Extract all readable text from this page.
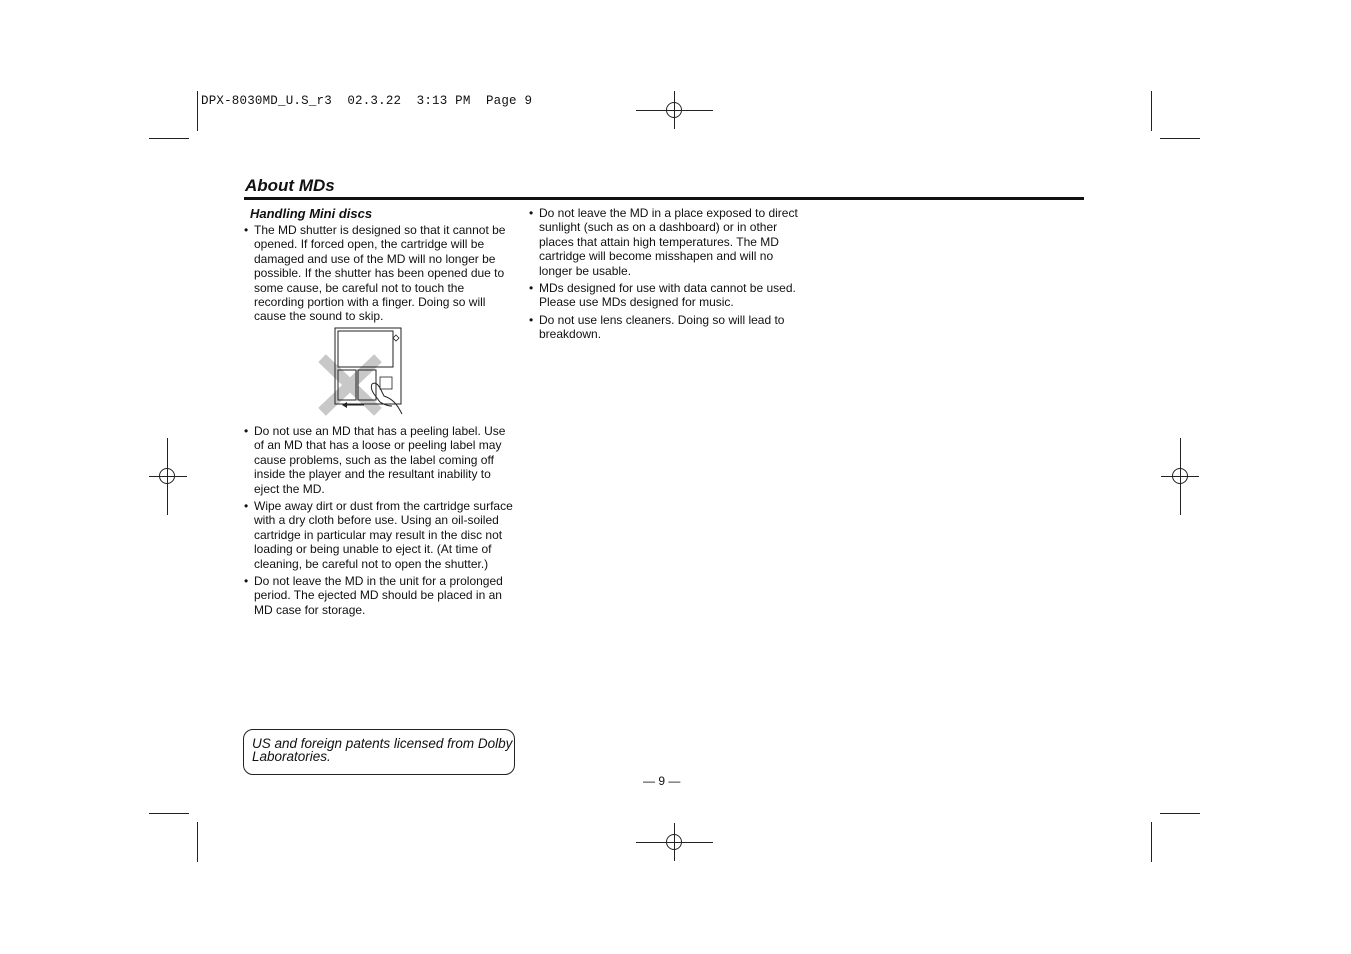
DPX-8030MD_U.S_r3  02.3.22  3:13 PM  Page 9
About MDs
Handling Mini discs
• The MD shutter is designed so that it cannot be opened. If forced open, the cartridge will be damaged and use of the MD will no longer be possible. If the shutter has been opened due to some cause, be careful not to touch the recording portion with a finger. Doing so will cause the sound to skip.
• Do not use an MD that has a peeling label. Use of an MD that has a loose or peeling label may cause problems, such as the label coming off inside the player and the resultant inability to eject the MD.
• Wipe away dirt or dust from the cartridge surface with a dry cloth before use. Using an oil-soiled cartridge in particular may result in the disc not loading or being unable to eject it. (At time of cleaning, be careful not to open the shutter.)
• Do not leave the MD in the unit for a prolonged period. The ejected MD should be placed in an MD case for storage.
• Do not leave the MD in a place exposed to direct sunlight (such as on a dashboard) or in other places that attain high temperatures. The MD cartridge will become misshapen and will no longer be usable.
• MDs designed for use with data cannot be used. Please use MDs designed for music.
• Do not use lens cleaners. Doing so will lead to breakdown.
US and foreign patents licensed from Dolby Laboratories.
— 9 —
